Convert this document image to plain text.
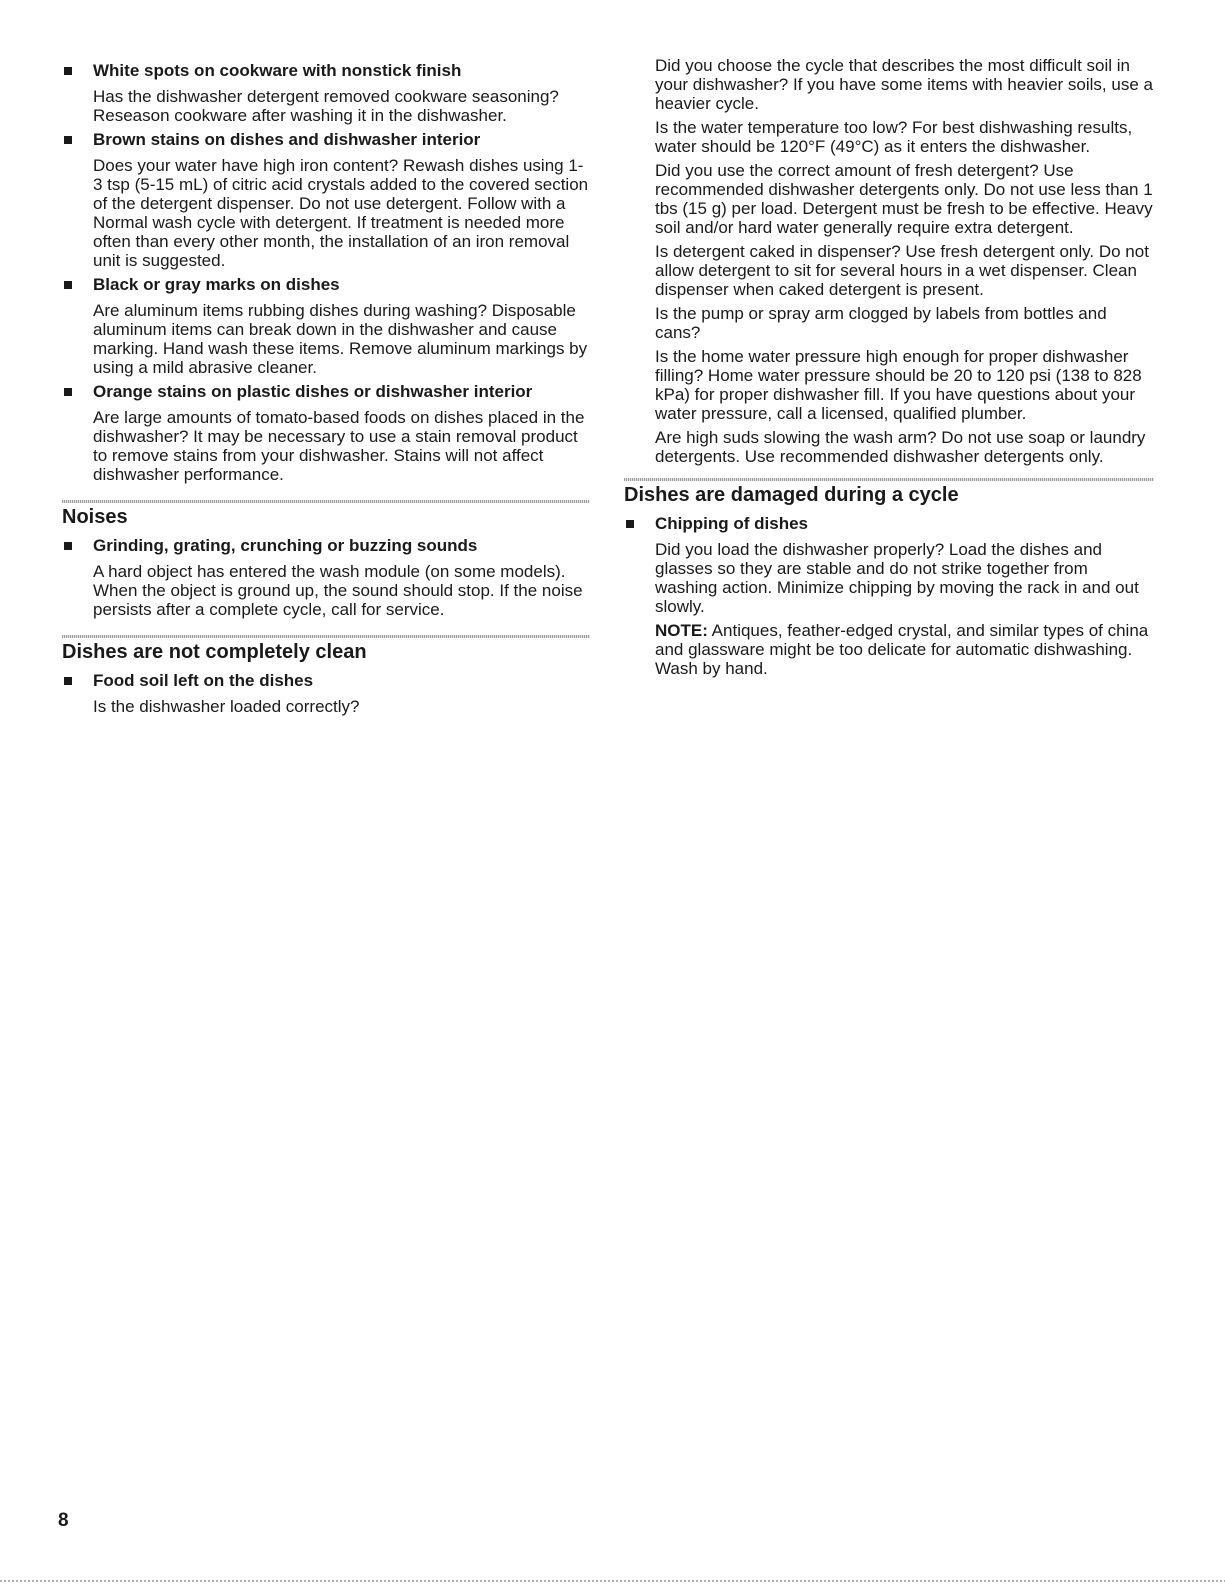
White spots on cookware with nonstick finish

Has the dishwasher detergent removed cookware seasoning? Reseason cookware after washing it in the dishwasher.

Brown stains on dishes and dishwasher interior

Does your water have high iron content? Rewash dishes using 1-3 tsp (5-15 mL) of citric acid crystals added to the covered section of the detergent dispenser. Do not use detergent. Follow with a Normal wash cycle with detergent. If treatment is needed more often than every other month, the installation of an iron removal unit is suggested.

Black or gray marks on dishes

Are aluminum items rubbing dishes during washing? Disposable aluminum items can break down in the dishwasher and cause marking. Hand wash these items. Remove aluminum markings by using a mild abrasive cleaner.

Orange stains on plastic dishes or dishwasher interior

Are large amounts of tomato-based foods on dishes placed in the dishwasher? It may be necessary to use a stain removal product to remove stains from your dishwasher. Stains will not affect dishwasher performance.

Noises
Grinding, grating, crunching or buzzing sounds

A hard object has entered the wash module (on some models). When the object is ground up, the sound should stop. If the noise persists after a complete cycle, call for service.

Dishes are not completely clean
Food soil left on the dishes

Is the dishwasher loaded correctly?

Did you choose the cycle that describes the most difficult soil in your dishwasher? If you have some items with heavier soils, use a heavier cycle.

Is the water temperature too low? For best dishwashing results, water should be 120°F (49°C) as it enters the dishwasher.

Did you use the correct amount of fresh detergent? Use recommended dishwasher detergents only. Do not use less than 1 tbs (15 g) per load. Detergent must be fresh to be effective. Heavy soil and/or hard water generally require extra detergent.

Is detergent caked in dispenser? Use fresh detergent only. Do not allow detergent to sit for several hours in a wet dispenser. Clean dispenser when caked detergent is present.

Is the pump or spray arm clogged by labels from bottles and cans?

Is the home water pressure high enough for proper dishwasher filling? Home water pressure should be 20 to 120 psi (138 to 828 kPa) for proper dishwasher fill. If you have questions about your water pressure, call a licensed, qualified plumber.

Are high suds slowing the wash arm? Do not use soap or laundry detergents. Use recommended dishwasher detergents only.

Dishes are damaged during a cycle
Chipping of dishes

Did you load the dishwasher properly? Load the dishes and glasses so they are stable and do not strike together from washing action. Minimize chipping by moving the rack in and out slowly.

NOTE: Antiques, feather-edged crystal, and similar types of china and glassware might be too delicate for automatic dishwashing. Wash by hand.

8
